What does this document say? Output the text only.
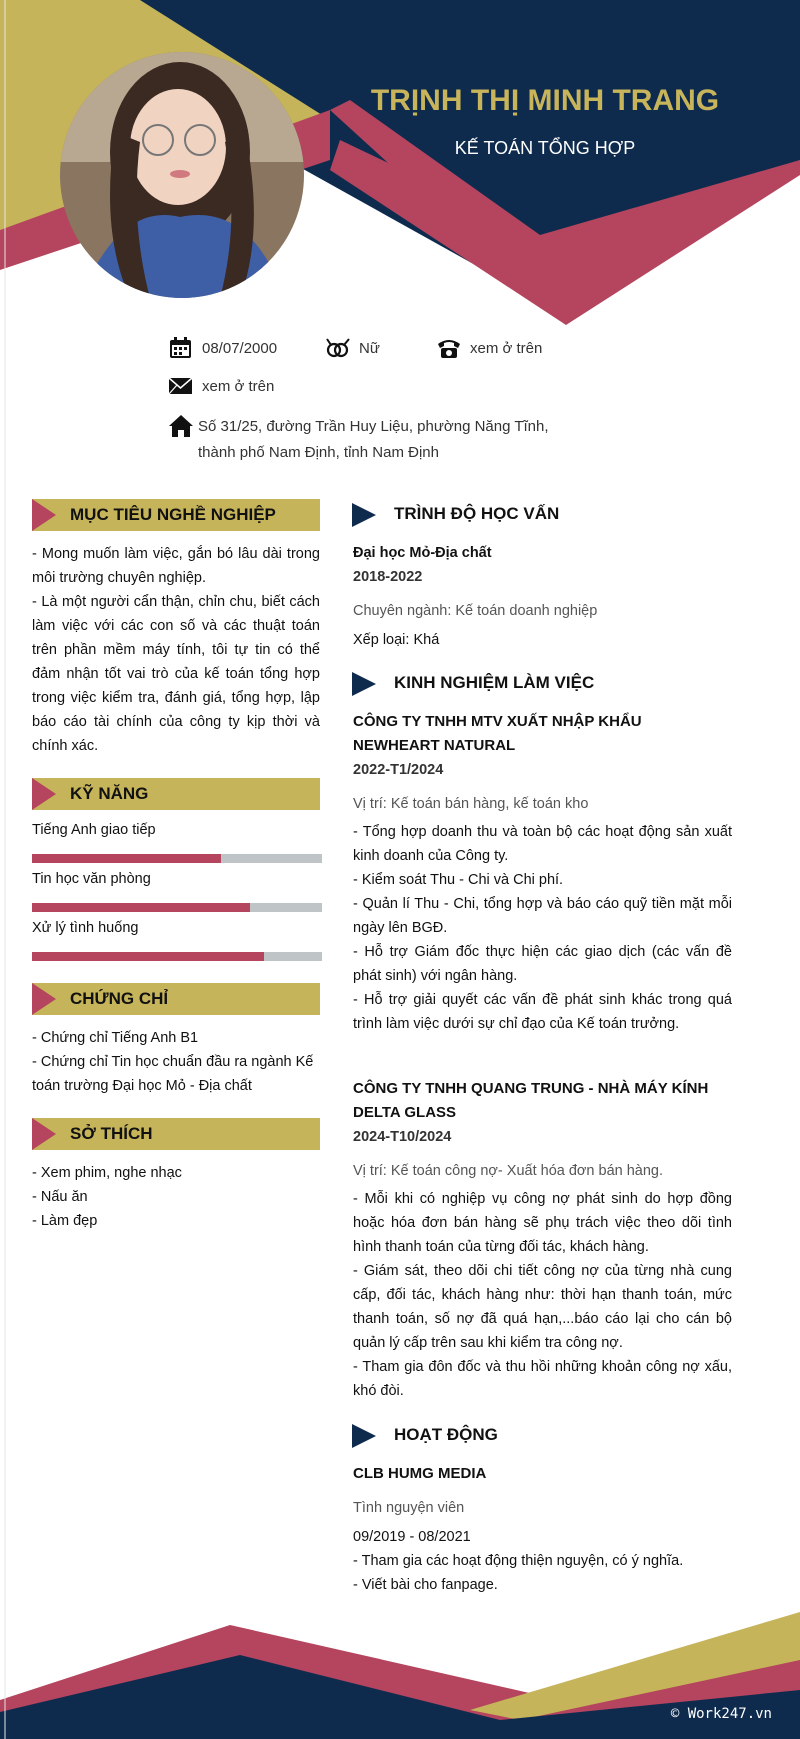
TRỊNH THỊ MINH TRANG
KẾ TOÁN TỔNG HỢP
08/07/2000	Nữ	xem ở trên
xem ở trên
Số 31/25, đường Trần Huy Liệu, phường Năng Tĩnh, thành phố Nam Định, tỉnh Nam Định
MỤC TIÊU NGHỀ NGHIỆP

- Mong muốn làm việc, gắn bó lâu dài trong môi trường chuyên nghiệp.

- Là một người cẩn thận, chỉn chu, biết cách làm việc với các con số và các thuật toán trên phần mềm máy tính, tôi tự tin có thể đảm nhận tốt vai trò của kế toán tổng hợp trong việc kiểm tra, đánh giá, tổng hợp, lập báo cáo tài chính của công ty kịp thời và chính xác.

KỸ NĂNG
Tiếng Anh giao tiếp
Tin học văn phòng
Xử lý tình huống
CHỨNG CHỈ

- Chứng chỉ Tiếng Anh B1

- Chứng chỉ Tin học chuẩn đầu ra ngành Kế toán trường Đại học Mỏ - Địa chất

SỞ THÍCH

- Xem phim, nghe nhạc

- Nấu ăn

- Làm đẹp

TRÌNH ĐỘ HỌC VẤN

Đại học Mỏ-Địa chất

2018-2022

Chuyên ngành: Kế toán doanh nghiệp

Xếp loại: Khá

KINH NGHIỆM LÀM VIỆC

CÔNG TY TNHH MTV XUẤT NHẬP KHẨU NEWHEART NATURAL

2022-T1/2024

Vị trí: Kế toán bán hàng, kế toán kho

- Tổng hợp doanh thu và toàn bộ các hoạt động sản xuất kinh doanh của Công ty.

- Kiểm soát Thu - Chi và Chi phí.

- Quản lí Thu - Chi, tổng hợp và báo cáo quỹ tiền mặt mỗi ngày lên BGĐ.

- Hỗ trợ Giám đốc thực hiện các giao dịch (các vấn đề phát sinh) với ngân hàng.

- Hỗ trợ giải quyết các vấn đề phát sinh khác trong quá trình làm việc dưới sự chỉ đạo của Kế toán trưởng.

CÔNG TY TNHH QUANG TRUNG - NHÀ MÁY KÍNH DELTA GLASS

2024-T10/2024

Vị trí: Kế toán công nợ- Xuất hóa đơn bán hàng.

- Mỗi khi có nghiệp vụ công nợ phát sinh do hợp đồng hoặc hóa đơn bán hàng sẽ phụ trách việc theo dõi tình hình thanh toán của từng đối tác, khách hàng.

- Giám sát, theo dõi chi tiết công nợ của từng nhà cung cấp, đối tác, khách hàng như: thời hạn thanh toán, mức thanh toán, số nợ đã quá hạn,...báo cáo lại cho cán bộ quản lý cấp trên sau khi kiểm tra công nợ.

- Tham gia đôn đốc và thu hồi những khoản công nợ xấu, khó đòi.

HOẠT ĐỘNG

CLB HUMG MEDIA

Tình nguyện viên

09/2019 - 08/2021

- Tham gia các hoạt động thiện nguyện, có ý nghĩa.

- Viết bài cho fanpage.

© Work247.vn
